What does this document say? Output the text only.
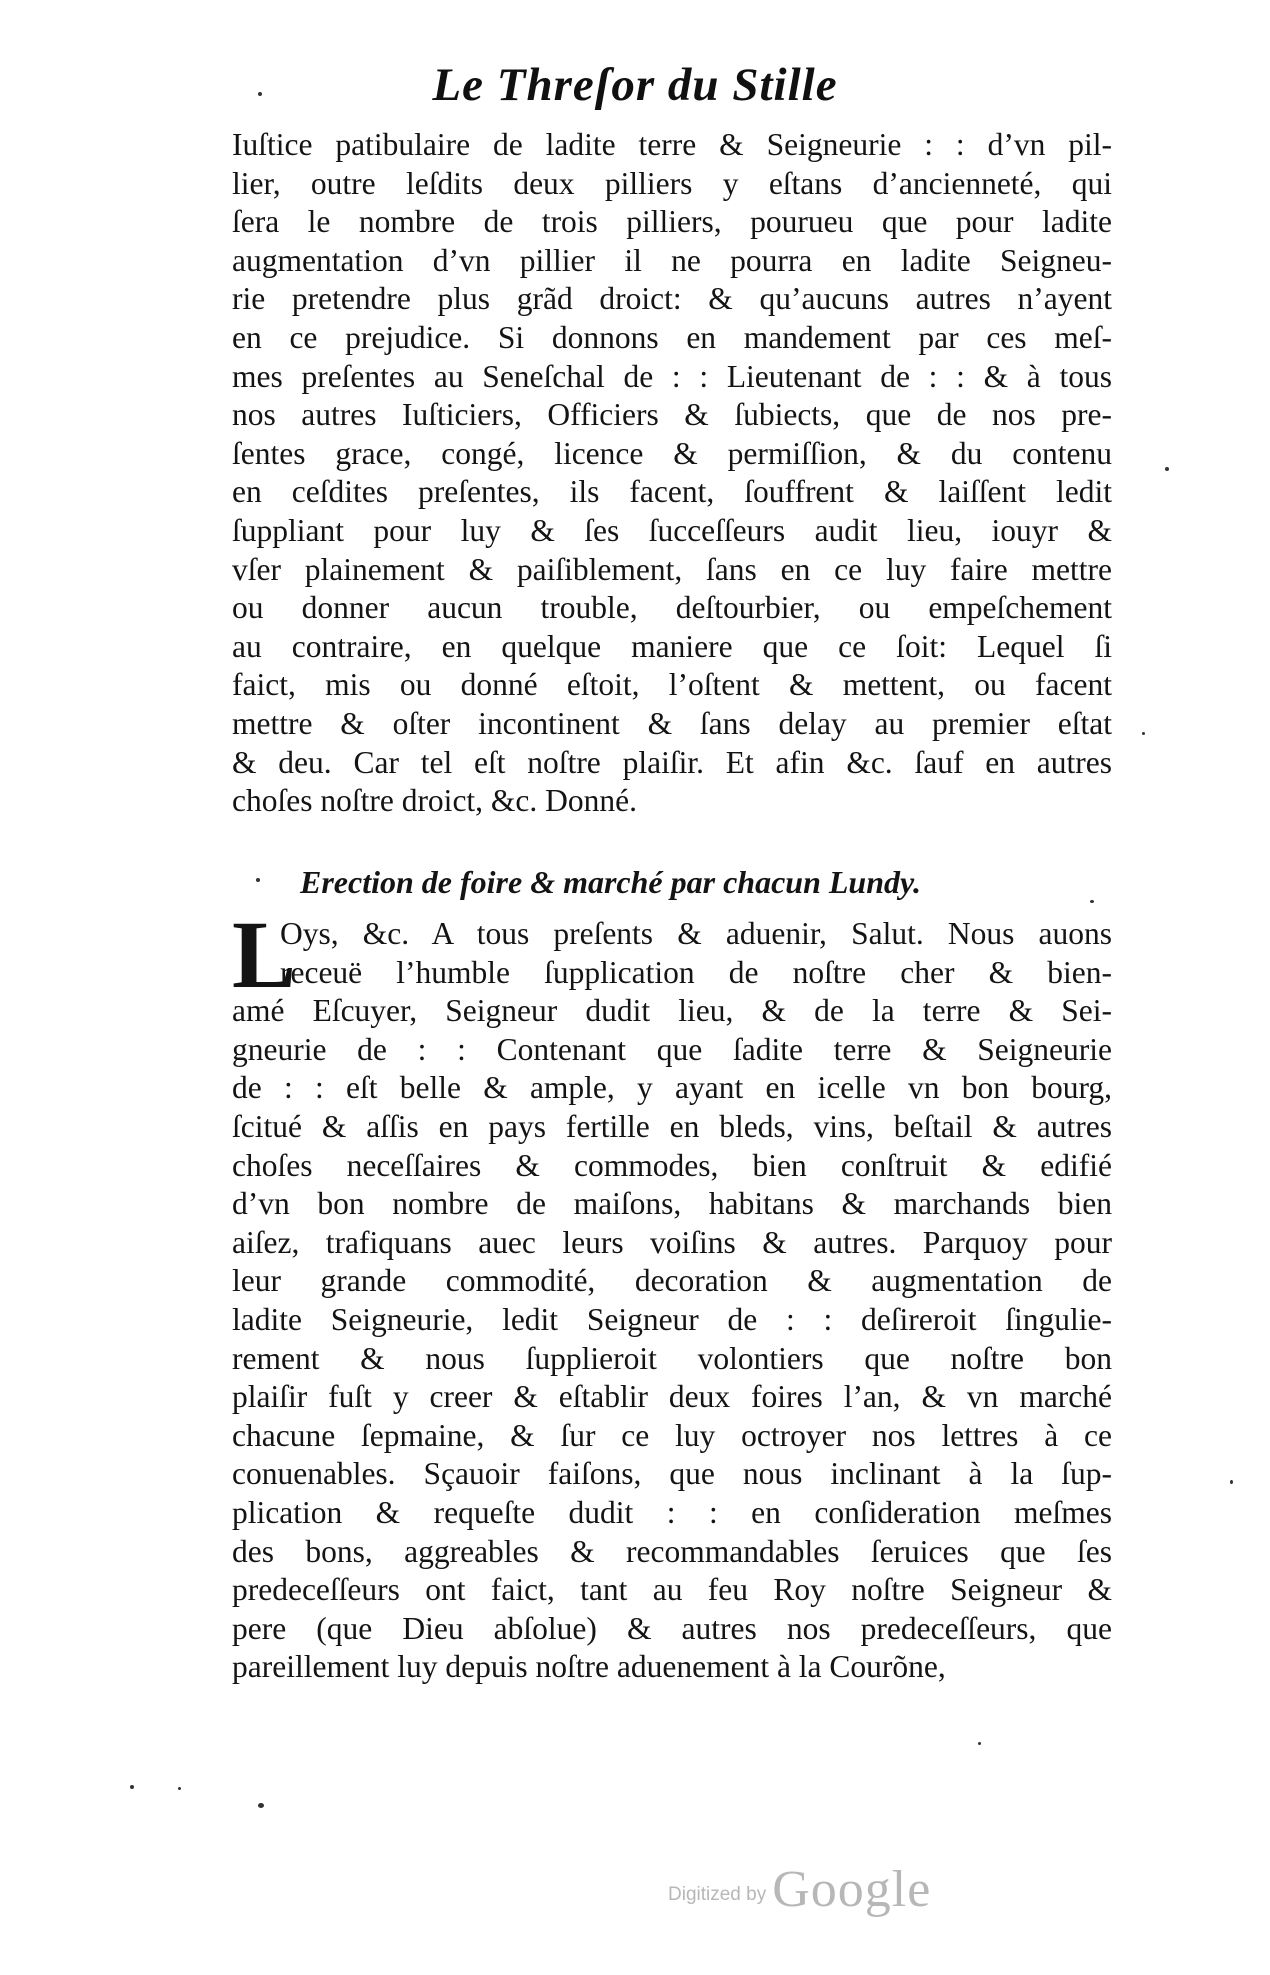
Le Threſor du Stille
Iuſtice patibulaire de ladite terre & Seigneurie : : d’vn pil-
lier, outre leſdits deux pilliers y eſtans d’ancienneté, qui
ſera le nombre de trois pilliers, pourueu que pour ladite
augmentation d’vn pillier il ne pourra en ladite Seigneu-
rie pretendre plus grãd droict: & qu’aucuns autres n’ayent
en ce prejudice. Si donnons en mandement par ces meſ-
mes preſentes au Seneſchal de : : Lieutenant de : : & à tous
nos autres Iuſticiers, Officiers & ſubiects, que de nos pre-
ſentes grace, congé, licence & permiſſion, & du contenu
en ceſdites preſentes, ils facent, ſouffrent & laiſſent ledit
ſuppliant pour luy & ſes ſucceſſeurs audit lieu, iouyr &
vſer plainement & paiſiblement, ſans en ce luy faire mettre
ou donner aucun trouble, deſtourbier, ou empeſchement
au contraire, en quelque maniere que ce ſoit: Lequel ſi
faict, mis ou donné eſtoit, l’oſtent & mettent, ou facent
mettre & oſter incontinent & ſans delay au premier eſtat
& deu. Car tel eſt noſtre plaiſir. Et afin &c. ſauf en autres
choſes noſtre droict, &c. Donné.
Erection de foire & marché par chacun Lundy.
L
Oys, &c. A tous preſents & aduenir, Salut. Nous auons
receuë l’humble ſupplication de noſtre cher & bien-
amé Eſcuyer, Seigneur dudit lieu, & de la terre & Sei-
gneurie de : : Contenant que ſadite terre & Seigneurie
de : : eſt belle & ample, y ayant en icelle vn bon bourg,
ſcitué & aſſis en pays fertille en bleds, vins, beſtail & autres
choſes neceſſaires & commodes, bien conſtruit & edifié
d’vn bon nombre de maiſons, habitans & marchands bien
aiſez, trafiquans auec leurs voiſins & autres. Parquoy pour
leur grande commodité, decoration & augmentation de
ladite Seigneurie, ledit Seigneur de : : deſireroit ſingulie-
rement & nous ſupplieroit volontiers que noſtre bon
plaiſir fuſt y creer & eſtablir deux foires l’an, & vn marché
chacune ſepmaine, & ſur ce luy octroyer nos lettres à ce
conuenables. Sçauoir faiſons, que nous inclinant à la ſup-
plication & requeſte dudit : : en conſideration meſmes
des bons, aggreables & recommandables ſeruices que ſes
predeceſſeurs ont faict, tant au feu Roy noſtre Seigneur &
pere (que Dieu abſolue) & autres nos predeceſſeurs, que
pareillement luy depuis noſtre aduenement à la Courõne,
Digitized by Google
